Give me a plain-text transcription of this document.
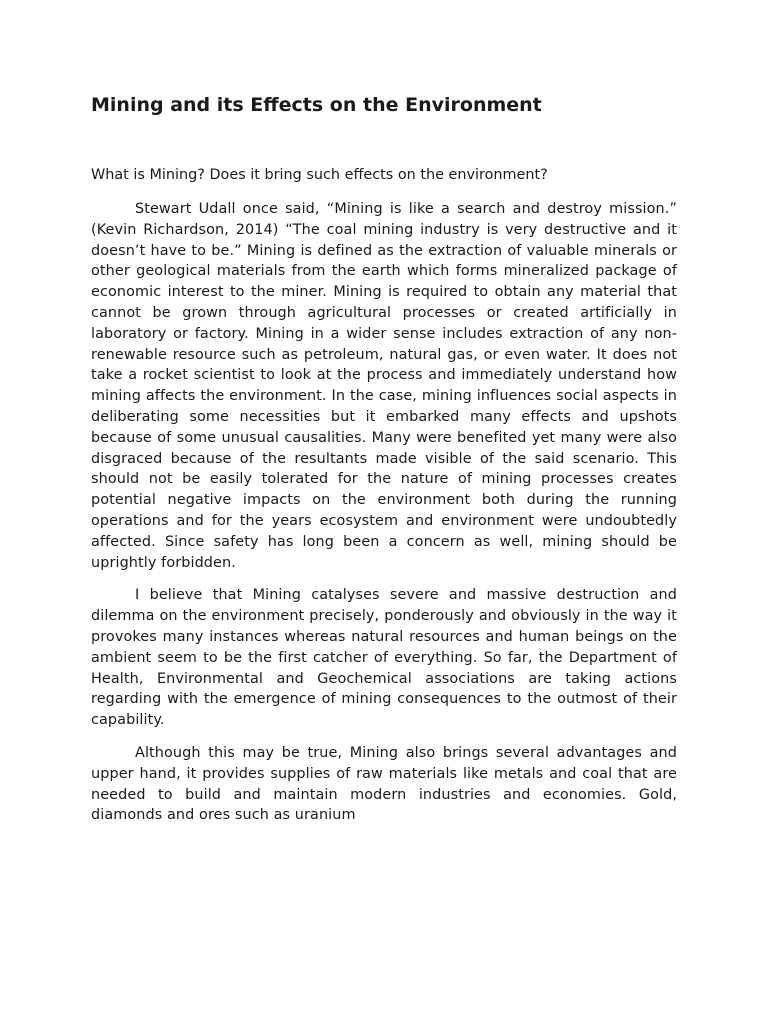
Mining and its Effects on the Environment

What is Mining? Does it bring such effects on the environment?

Stewart Udall once said, “Mining is like a search and destroy mission.” (Kevin Richardson, 2014) “The coal mining industry is very destructive and it doesn’t have to be.” Mining is defined as the extraction of valuable minerals or other geological materials from the earth which forms mineralized package of economic interest to the miner. Mining is required to obtain any material that cannot be grown through agricultural processes or created artificially in laboratory or factory. Mining in a wider sense includes extraction of any non-renewable resource such as petroleum, natural gas, or even water. It does not take a rocket scientist to look at the process and immediately understand how mining affects the environment. In the case, mining influences social aspects in deliberating some necessities but it embarked many effects and upshots because of some unusual causalities. Many were benefited yet many were also disgraced because of the resultants made visible of the said scenario. This should not be easily tolerated for the nature of mining processes creates potential negative impacts on the environment both during the running operations and for the years ecosystem and environment were undoubtedly affected. Since safety has long been a concern as well, mining should be uprightly forbidden.

I believe that Mining catalyses severe and massive destruction and dilemma on the environment precisely, ponderously and obviously in the way it provokes many instances whereas natural resources and human beings on the ambient seem to be the first catcher of everything. So far, the Department of Health, Environmental and Geochemical associations are taking actions regarding with the emergence of mining consequences to the outmost of their capability.

Although this may be true, Mining also brings several advantages and upper hand, it provides supplies of raw materials like metals and coal that are needed to build and maintain modern industries and economies. Gold, diamonds and ores such as uranium
